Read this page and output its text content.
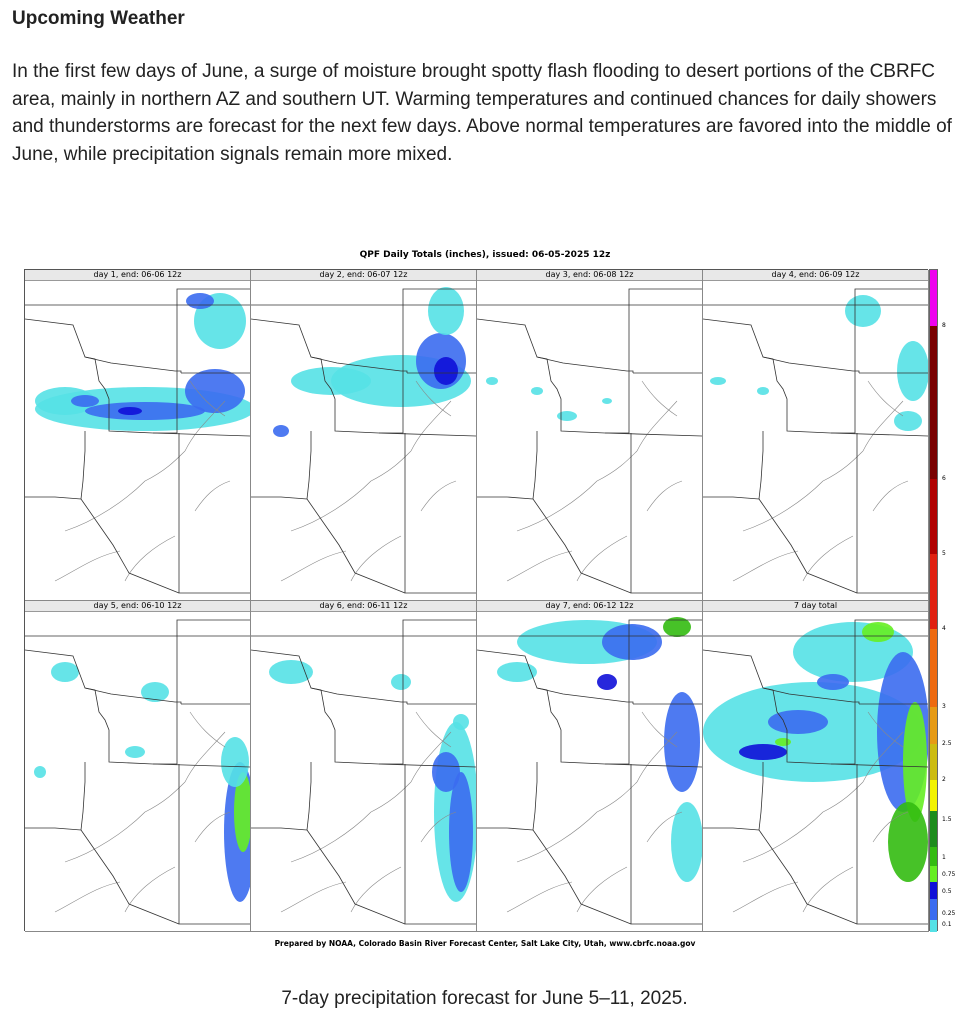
Upcoming Weather

In the first few days of June, a surge of moisture brought spotty flash flooding to desert portions of the CBRFC area, mainly in northern AZ and southern UT. Warming temperatures and continued chances for daily showers and thunderstorms are forecast for the next few days. Above normal temperatures are favored into the middle of June, while precipitation signals remain more mixed.

QPF Daily Totals (inches), issued: 06-05-2025 12z
day 1, end: 06-06 12z	day 2, end: 06-07 12z	day 3, end: 06-08 12z	day 4, end: 06-09 12z
day 5, end: 06-10 12z	day 6, end: 06-11 12z	day 7, end: 06-12 12z	7 day total
0.1
0.25
0.5
0.75
1
1.5
2
2.5
3
4
5
6
8
Prepared by NOAA, Colorado Basin River Forecast Center, Salt Lake City, Utah, www.cbrfc.noaa.gov
7-day precipitation forecast for June 5–11, 2025.
